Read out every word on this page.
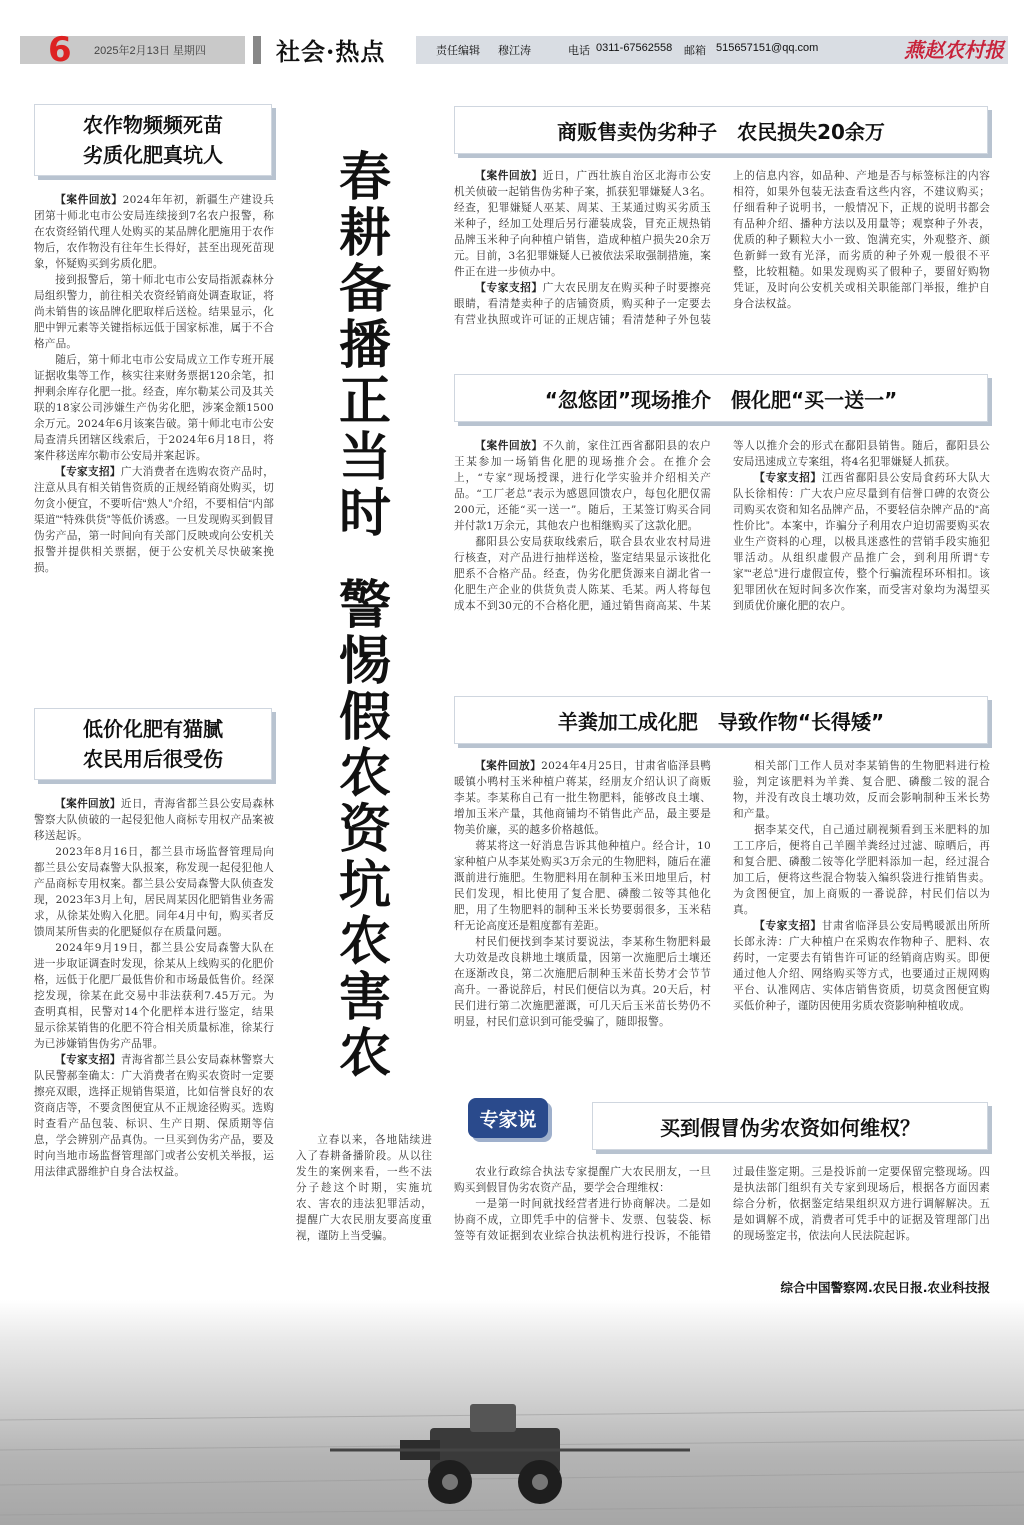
6 2025年2月13日 星期四	社会·热点	责任编辑 穆江涛	电话 0311-67562558 邮箱 515657151@qq.com	燕赵农村报
春
耕
备
播
正
当
时
警
惕
假
农
资
坑
农
害
农
农作物频频死苗
劣质化肥真坑人

【案件回放】2024年年初，新疆生产建设兵团第十师北屯市公安局连续接到7名农户报警，称在农资经销代理人处购买的某品牌化肥施用于农作物后，农作物没有往年生长得好，甚至出现死苗现象，怀疑购买到劣质化肥。

接到报警后，第十师北屯市公安局指派森林分局组织警力，前往相关农资经销商处调查取证，将尚未销售的该品牌化肥取样后送检。结果显示，化肥中钾元素等关键指标远低于国家标准，属于不合格产品。

随后，第十师北屯市公安局成立工作专班开展证据收集等工作，核实往来财务票据120余笔，扣押剩余库存化肥一批。经查，库尔勒某公司及其关联的18家公司涉嫌生产伪劣化肥，涉案金额1500余万元。2024年6月该案告破。第十师北屯市公安局查清兵团辖区线索后，于2024年6月18日，将案件移送库尔勒市公安局并案起诉。

【专家支招】广大消费者在选购农资产品时，注意从具有相关销售资质的正规经销商处购买，切勿贪小便宜，不要听信“熟人”介绍，不要相信“内部渠道”“特殊供货”等低价诱惑。一旦发现购买到假冒伪劣产品，第一时间向有关部门反映或向公安机关报警并提供相关票据，便于公安机关尽快破案挽损。

低价化肥有猫腻
农民用后很受伤

【案件回放】近日，青海省都兰县公安局森林警察大队侦破的一起侵犯他人商标专用权产品案被移送起诉。

2023年8月16日，都兰县市场监督管理局向都兰县公安局森警大队报案，称发现一起侵犯他人产品商标专用权案。都兰县公安局森警大队侦查发现，2023年3月上旬，居民周某因化肥销售业务需求，从徐某处购入化肥。同年4月中旬，购买者反馈周某所售卖的化肥疑似存在质量问题。

2024年9月19日，都兰县公安局森警大队在进一步取证调查时发现，徐某从上线购买的化肥价格，远低于化肥厂最低售价和市场最低售价。经深挖发现，徐某在此交易中非法获利7.45万元。为查明真相，民警对14个化肥样本进行鉴定，结果显示徐某销售的化肥不符合相关质量标准，徐某行为已涉嫌销售伪劣产品罪。

【专家支招】青海省都兰县公安局森林警察大队民警郝奎确太：广大消费者在购买农资时一定要擦亮双眼，选择正规销售渠道，比如信誉良好的农资商店等，不要贪图便宜从不正规途径购买。选购时查看产品包装、标识、生产日期、保质期等信息，学会辨别产品真伪。一旦买到伪劣产品，要及时向当地市场监督管理部门或者公安机关举报，运用法律武器维护自身合法权益。

立春以来，各地陆续进入了春耕备播阶段。从以往发生的案例来看，一些不法分子趁这个时期，实施坑农、害农的违法犯罪活动，提醒广大农民朋友要高度重视，谨防上当受骗。

商贩售卖伪劣种子　农民损失20余万

【案件回放】近日，广西壮族自治区北海市公安机关侦破一起销售伪劣种子案，抓获犯罪嫌疑人3名。经查，犯罪嫌疑人巫某、周某、王某通过购买劣质玉米种子，经加工处理后另行灌装成袋，冒充正规热销品牌玉米种子向种植户销售，造成种植户损失20余万元。目前，3名犯罪嫌疑人已被依法采取强制措施，案件正在进一步侦办中。

【专家支招】广大农民朋友在购买种子时要擦亮眼睛，看清楚卖种子的店铺资质，购买种子一定要去有营业执照或许可证的正规店铺；看清楚种子外包装上的信息内容，如品种、产地是否与标签标注的内容相符，如果外包装无法查看这些内容，不建议购买；仔细看种子说明书，一般情况下，正规的说明书都会有品种介绍、播种方法以及用量等；观察种子外表，优质的种子颗粒大小一致、饱满充实，外观整齐、颜色新鲜一致有光泽，而劣质的种子外观一般很不平整，比较粗糙。如果发现购买了假种子，要留好购物凭证，及时向公安机关或相关职能部门举报，维护自身合法权益。

“忽悠团”现场推介　假化肥“买一送一”

【案件回放】不久前，家住江西省鄱阳县的农户王某参加一场销售化肥的现场推介会。在推介会上，“专家”现场授课，进行化学实验并介绍相关产品。“工厂老总”表示为感恩回馈农户，每包化肥仅需200元，还能“买一送一”。随后，王某签订购买合同并付款1万余元，其他农户也相继购买了这款化肥。

鄱阳县公安局获取线索后，联合县农业农村局进行核查，对产品进行抽样送检，鉴定结果显示该批化肥系不合格产品。经查，伪劣化肥货源来自湖北省一化肥生产企业的供货负责人陈某、毛某。两人将每包成本不到30元的不合格化肥，通过销售商高某、牛某等人以推介会的形式在鄱阳县销售。随后，鄱阳县公安局迅速成立专案组，将4名犯罪嫌疑人抓获。

【专家支招】江西省鄱阳县公安局食药环大队大队长徐相传：广大农户应尽量到有信誉口碑的农资公司购买农资和知名品牌产品，不要轻信杂牌产品的“高性价比”。本案中，诈骗分子利用农户迫切需要购买农业生产资料的心理，以极具迷惑性的营销手段实施犯罪活动。从组织虚假产品推广会，到利用所谓“专家”“老总”进行虚假宣传，整个行骗流程环环相扣。该犯罪团伙在短时间多次作案，而受害对象均为渴望买到质优价廉化肥的农户。

羊粪加工成化肥　导致作物“长得矮”

【案件回放】2024年4月25日，甘肃省临泽县鸭暖镇小鸭村玉米种植户蒋某，经朋友介绍认识了商贩李某。李某称自己有一批生物肥料，能够改良土壤、增加玉米产量，其他商铺均不销售此产品，最主要是物美价廉，买的越多价格越低。

蒋某将这一好消息告诉其他种植户。经合计，10家种植户从李某处购买3万余元的生物肥料，随后在灌溉前进行施肥。生物肥料用在制种玉米田地里后，村民们发现，相比使用了复合肥、磷酸二铵等其他化肥，用了生物肥料的制种玉米长势要弱很多，玉米秸秆无论高度还是粗度都有差距。

村民们便找到李某讨要说法，李某称生物肥料最大功效是改良耕地土壤质量，因第一次施肥后土壤还在逐渐改良，第二次施肥后制种玉米苗长势才会节节高升。一番说辞后，村民们便信以为真。20天后，村民们进行第二次施肥灌溉，可几天后玉米苗长势仍不明显，村民们意识到可能受骗了，随即报警。

相关部门工作人员对李某销售的生物肥料进行检验，判定该肥料为羊粪、复合肥、磷酸二铵的混合物，并没有改良土壤功效，反而会影响制种玉米长势和产量。

据李某交代，自己通过刷视频看到玉米肥料的加工工序后，便将自己羊圈羊粪经过过滤、晾晒后，再和复合肥、磷酸二铵等化学肥料添加一起，经过混合加工后，便将这些混合物装入编织袋进行推销售卖。为贪图便宜，加上商贩的一番说辞，村民们信以为真。

【专家支招】甘肃省临泽县公安局鸭暖派出所所长郎永涛：广大种植户在采购农作物种子、肥料、农药时，一定要去有销售许可证的经销商店购买。即便通过他人介绍、网络购买等方式，也要通过正规网购平台、认准网店、实体店销售资质，切莫贪图便宜购买低价种子，谨防因使用劣质农资影响种植收成。

专家说	买到假冒伪劣农资如何维权？

农业行政综合执法专家提醒广大农民朋友，一旦购买到假冒伪劣农资产品，要学会合理维权：

一是第一时间就找经营者进行协商解决。二是如协商不成，立即凭手中的信誉卡、发票、包装袋、标签等有效证据到农业综合执法机构进行投诉，不能错过最佳鉴定期。三是投诉前一定要保留完整现场。四是执法部门组织有关专家到现场后，根据各方面因素综合分析，依据鉴定结果组织双方进行调解解决。五是如调解不成，消费者可凭手中的证据及管理部门出的现场鉴定书，依法向人民法院起诉。

综合中国警察网.农民日报.农业科技报
